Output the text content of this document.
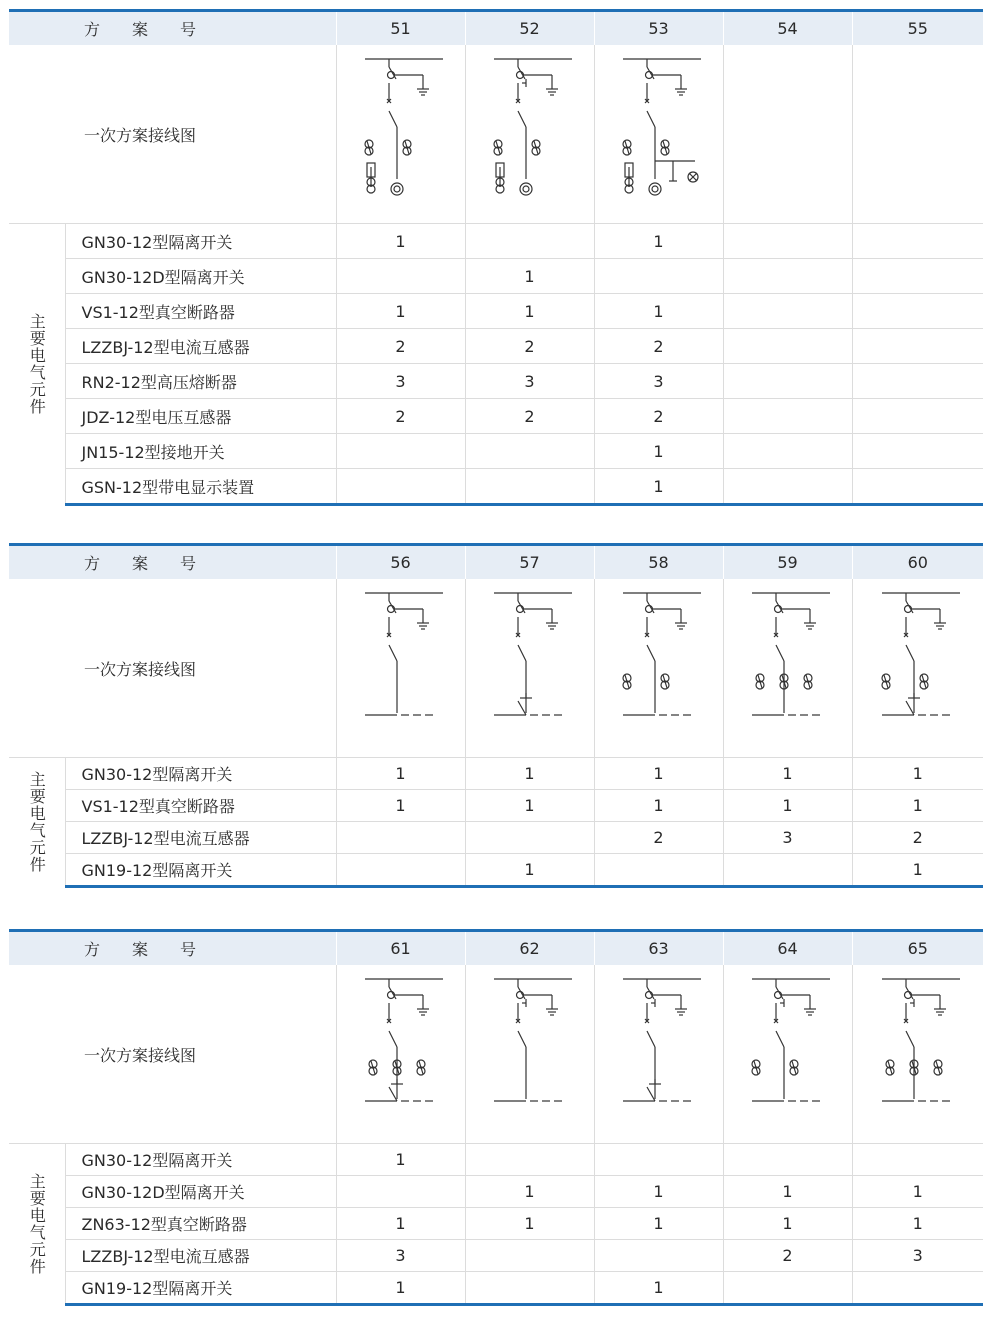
方　　案　　号		51	52	53	54	55
一次方案接线图	

主要电气元件	GN30-12型隔离开关	1		1		
	GN30-12D型隔离开关		1			
	VS1-12型真空断路器	1	1	1		
	LZZBJ-12型电流互感器	2	2	2		
	RN2-12型高压熔断器	3	3	3		
	JDZ-12型电压互感器	2	2	2		
	JN15-12型接地开关			1		
	GSN-12型带电显示装置			1		
方　　案　　号		56	57	58	59	60
一次方案接线图	

主要电气元件	GN30-12型隔离开关	1	1	1	1	1
	VS1-12型真空断路器	1	1	1	1	1
	LZZBJ-12型电流互感器			2	3	2
	GN19-12型隔离开关		1			1
方　　案　　号		61	62	63	64	65
一次方案接线图	

主要电气元件	GN30-12型隔离开关	1				
	GN30-12D型隔离开关		1	1	1	1
	ZN63-12型真空断路器	1	1	1	1	1
	LZZBJ-12型电流互感器	3			2	3
	GN19-12型隔离开关	1		1		
